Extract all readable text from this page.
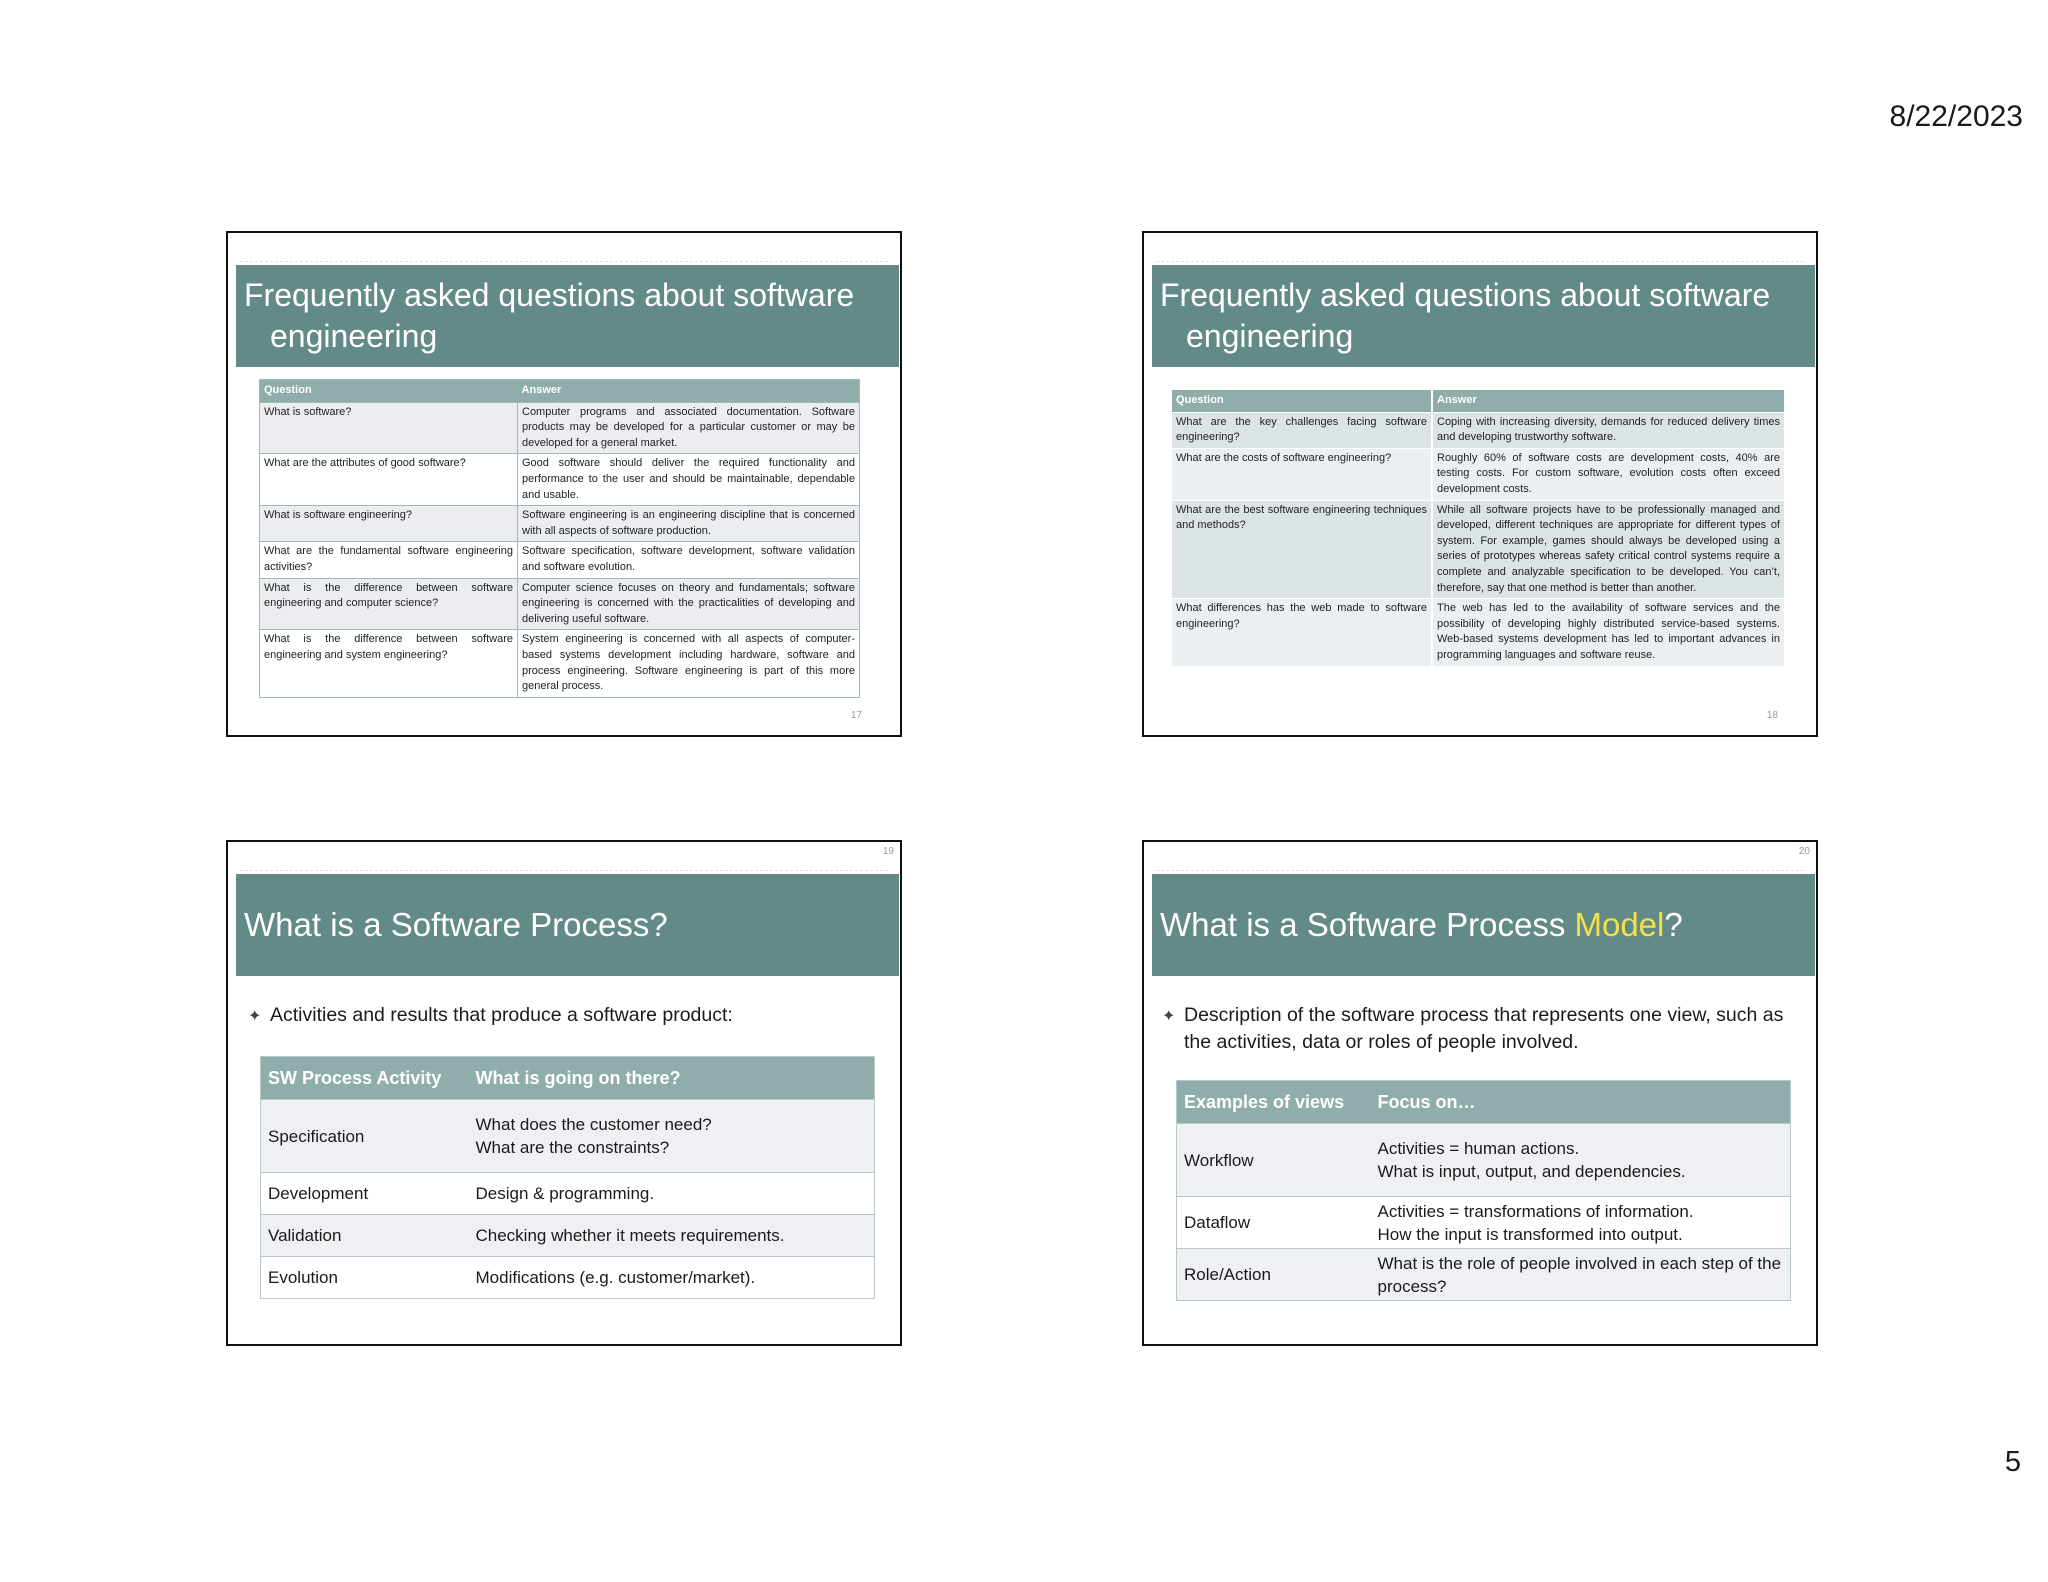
8/22/2023
5
Frequently asked questions about software
engineering
Question	Answer
What is software?	Computer programs and associated documentation. Software products may be developed for a particular customer or may be developed for a general market.
What are the attributes of good software?	Good software should deliver the required functionality and performance to the user and should be maintainable, dependable and usable.
What is software engineering?	Software engineering is an engineering discipline that is concerned with all aspects of software production.
What are the fundamental software engineering activities?	Software specification, software development, software validation and software evolution.
What is the difference between software engineering and computer science?	Computer science focuses on theory and fundamentals; software engineering is concerned with the practicalities of developing and delivering useful software.
What is the difference between software engineering and system engineering?	System engineering is concerned with all aspects of computer-based systems development including hardware, software and process engineering. Software engineering is part of this more general process.
17
Frequently asked questions about software
engineering
Question	Answer
What are the key challenges facing software engineering?	Coping with increasing diversity, demands for reduced delivery times and developing trustworthy software.
What are the costs of software engineering?	Roughly 60% of software costs are development costs, 40% are testing costs. For custom software, evolution costs often exceed development costs.
What are the best software engineering techniques and methods?	While all software projects have to be professionally managed and developed, different techniques are appropriate for different types of system. For example, games should always be developed using a series of prototypes whereas safety critical control systems require a complete and analyzable specification to be developed. You can’t, therefore, say that one method is better than another.
What differences has the web made to software engineering?	The web has led to the availability of software services and the possibility of developing highly distributed service-based systems. Web-based systems development has led to important advances in programming languages and software reuse.
18
19
What is a Software Process?
✦ Activities and results that produce a software product:
SW Process Activity	What is going on there?
Specification	What does the customer need?
What are the constraints?
Development	Design & programming.
Validation	Checking whether it meets requirements.
Evolution	Modifications (e.g. customer/market).
20
What is a Software Process Model?
✦ Description of the software process that represents one view, such as the activities, data or roles of people involved.
Examples of views	Focus on…
Workflow	Activities = human actions.
What is input, output, and dependencies.
Dataflow	Activities = transformations of information.
How the input is transformed into output.
Role/Action	What is the role of people involved in each step of the process?
